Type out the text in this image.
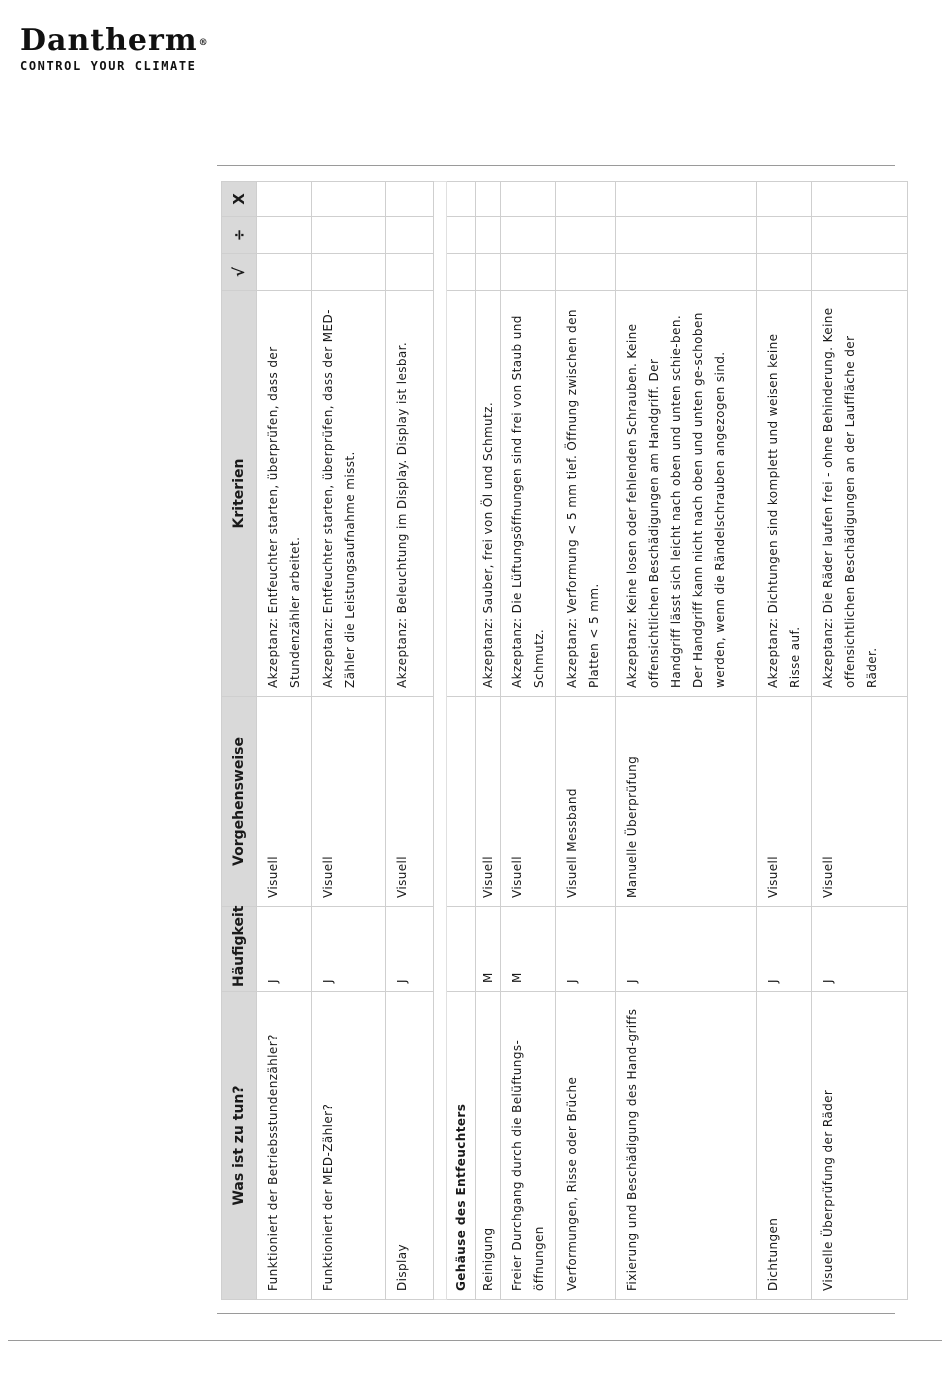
Dantherm®
CONTROL YOUR CLIMATE
Was ist zu tun?	Häufigkeit	Vorgehensweise	Kriterien	√	÷	X
Funktioniert der Betriebsstundenzähler?	J	Visuell	Akzeptanz: Entfeuchter starten, überprüfen, dass der Stundenzähler arbeitet.			
Funktioniert der MED-Zähler?	J	Visuell	Akzeptanz: Entfeuchter starten, überprüfen, dass der MED-Zähler die Leistungsaufnahme misst.			
Display	J	Visuell	Akzeptanz: Beleuchtung im Display. Display ist lesbar.			

Gehäuse des Entfeuchters						
Reinigung	M	Visuell	Akzeptanz: Sauber, frei von Öl und Schmutz.			
Freier Durchgang durch die Belüftungs-öffnungen	M	Visuell	Akzeptanz: Die Lüftungsöffnungen sind frei von Staub und Schmutz.			
Verformungen, Risse oder Brüche	J	Visuell Messband	Akzeptanz: Verformung < 5 mm tief. Öffnung zwischen den Platten < 5 mm.			
Fixierung und Beschädigung des Hand-griffs	J	Manuelle Überprüfung	Akzeptanz: Keine losen oder fehlenden Schrauben. Keine offensichtlichen Beschädigungen am Handgriff. Der Handgriff lässt sich leicht nach oben und unten schie-ben. Der Handgriff kann nicht nach oben und unten ge-schoben werden, wenn die Rändelschrauben angezogen sind.			
Dichtungen	J	Visuell	Akzeptanz: Dichtungen sind komplett und weisen keine Risse auf.			
Visuelle Überprüfung der Räder	J	Visuell	Akzeptanz: Die Räder laufen frei - ohne Behinderung. Keine offensichtlichen Beschädigungen an der Lauffläche der Räder.			
